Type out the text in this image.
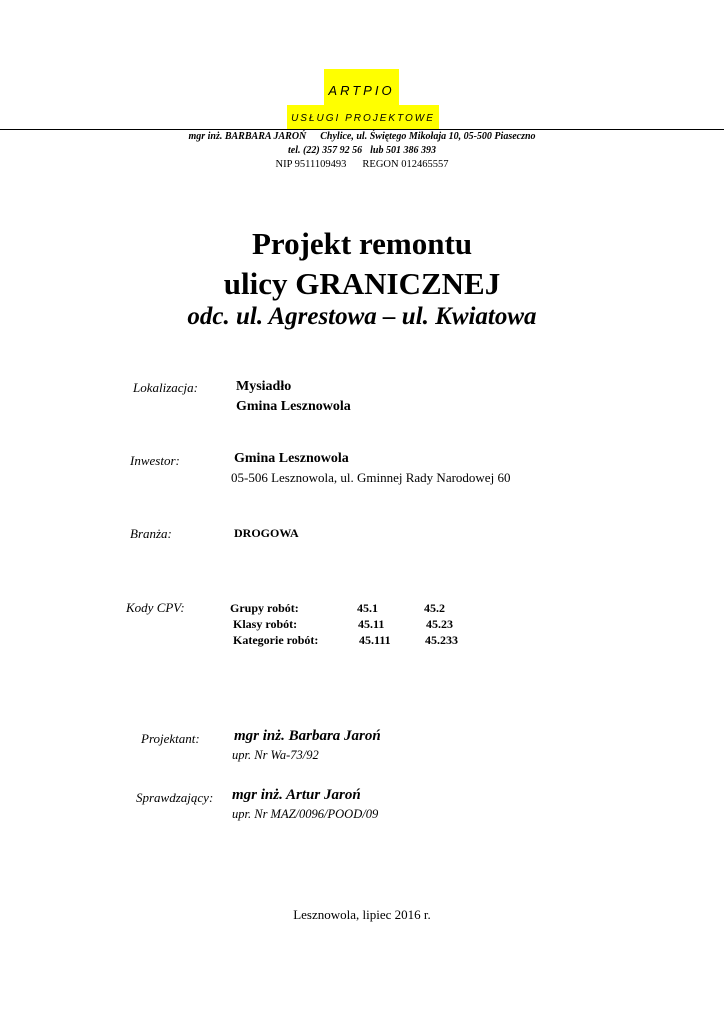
ARTPIO
USŁUGI PROJEKTOWE
mgr inż. BARBARA JAROŃ Chylice, ul. Świętego Mikołaja 10, 05-500 Piaseczno
tel. (22) 357 92 56 lub 501 386 393
NIP 9511109493 REGON 012465557
Projekt remontu
ulicy GRANICZNEJ
odc. ul. Agrestowa – ul. Kwiatowa
Lokalizacja:	Mysiadło
Gmina Lesznowola
Inwestor:	Gmina Lesznowola
05-506 Lesznowola, ul. Gminnej Rady Narodowej 60
Branża:	DROGOWA
Kody CPV:	Grupy robót:	45.1	45.2
Klasy robót:	45.11	45.23
Kategorie robót:	45.111	45.233
Projektant: mgr inż. Barbara Jaroń
upr. Nr Wa-73/92
Sprawdzający: mgr inż. Artur Jaroń
upr. Nr MAZ/0096/POOD/09
Lesznowola, lipiec 2016 r.
